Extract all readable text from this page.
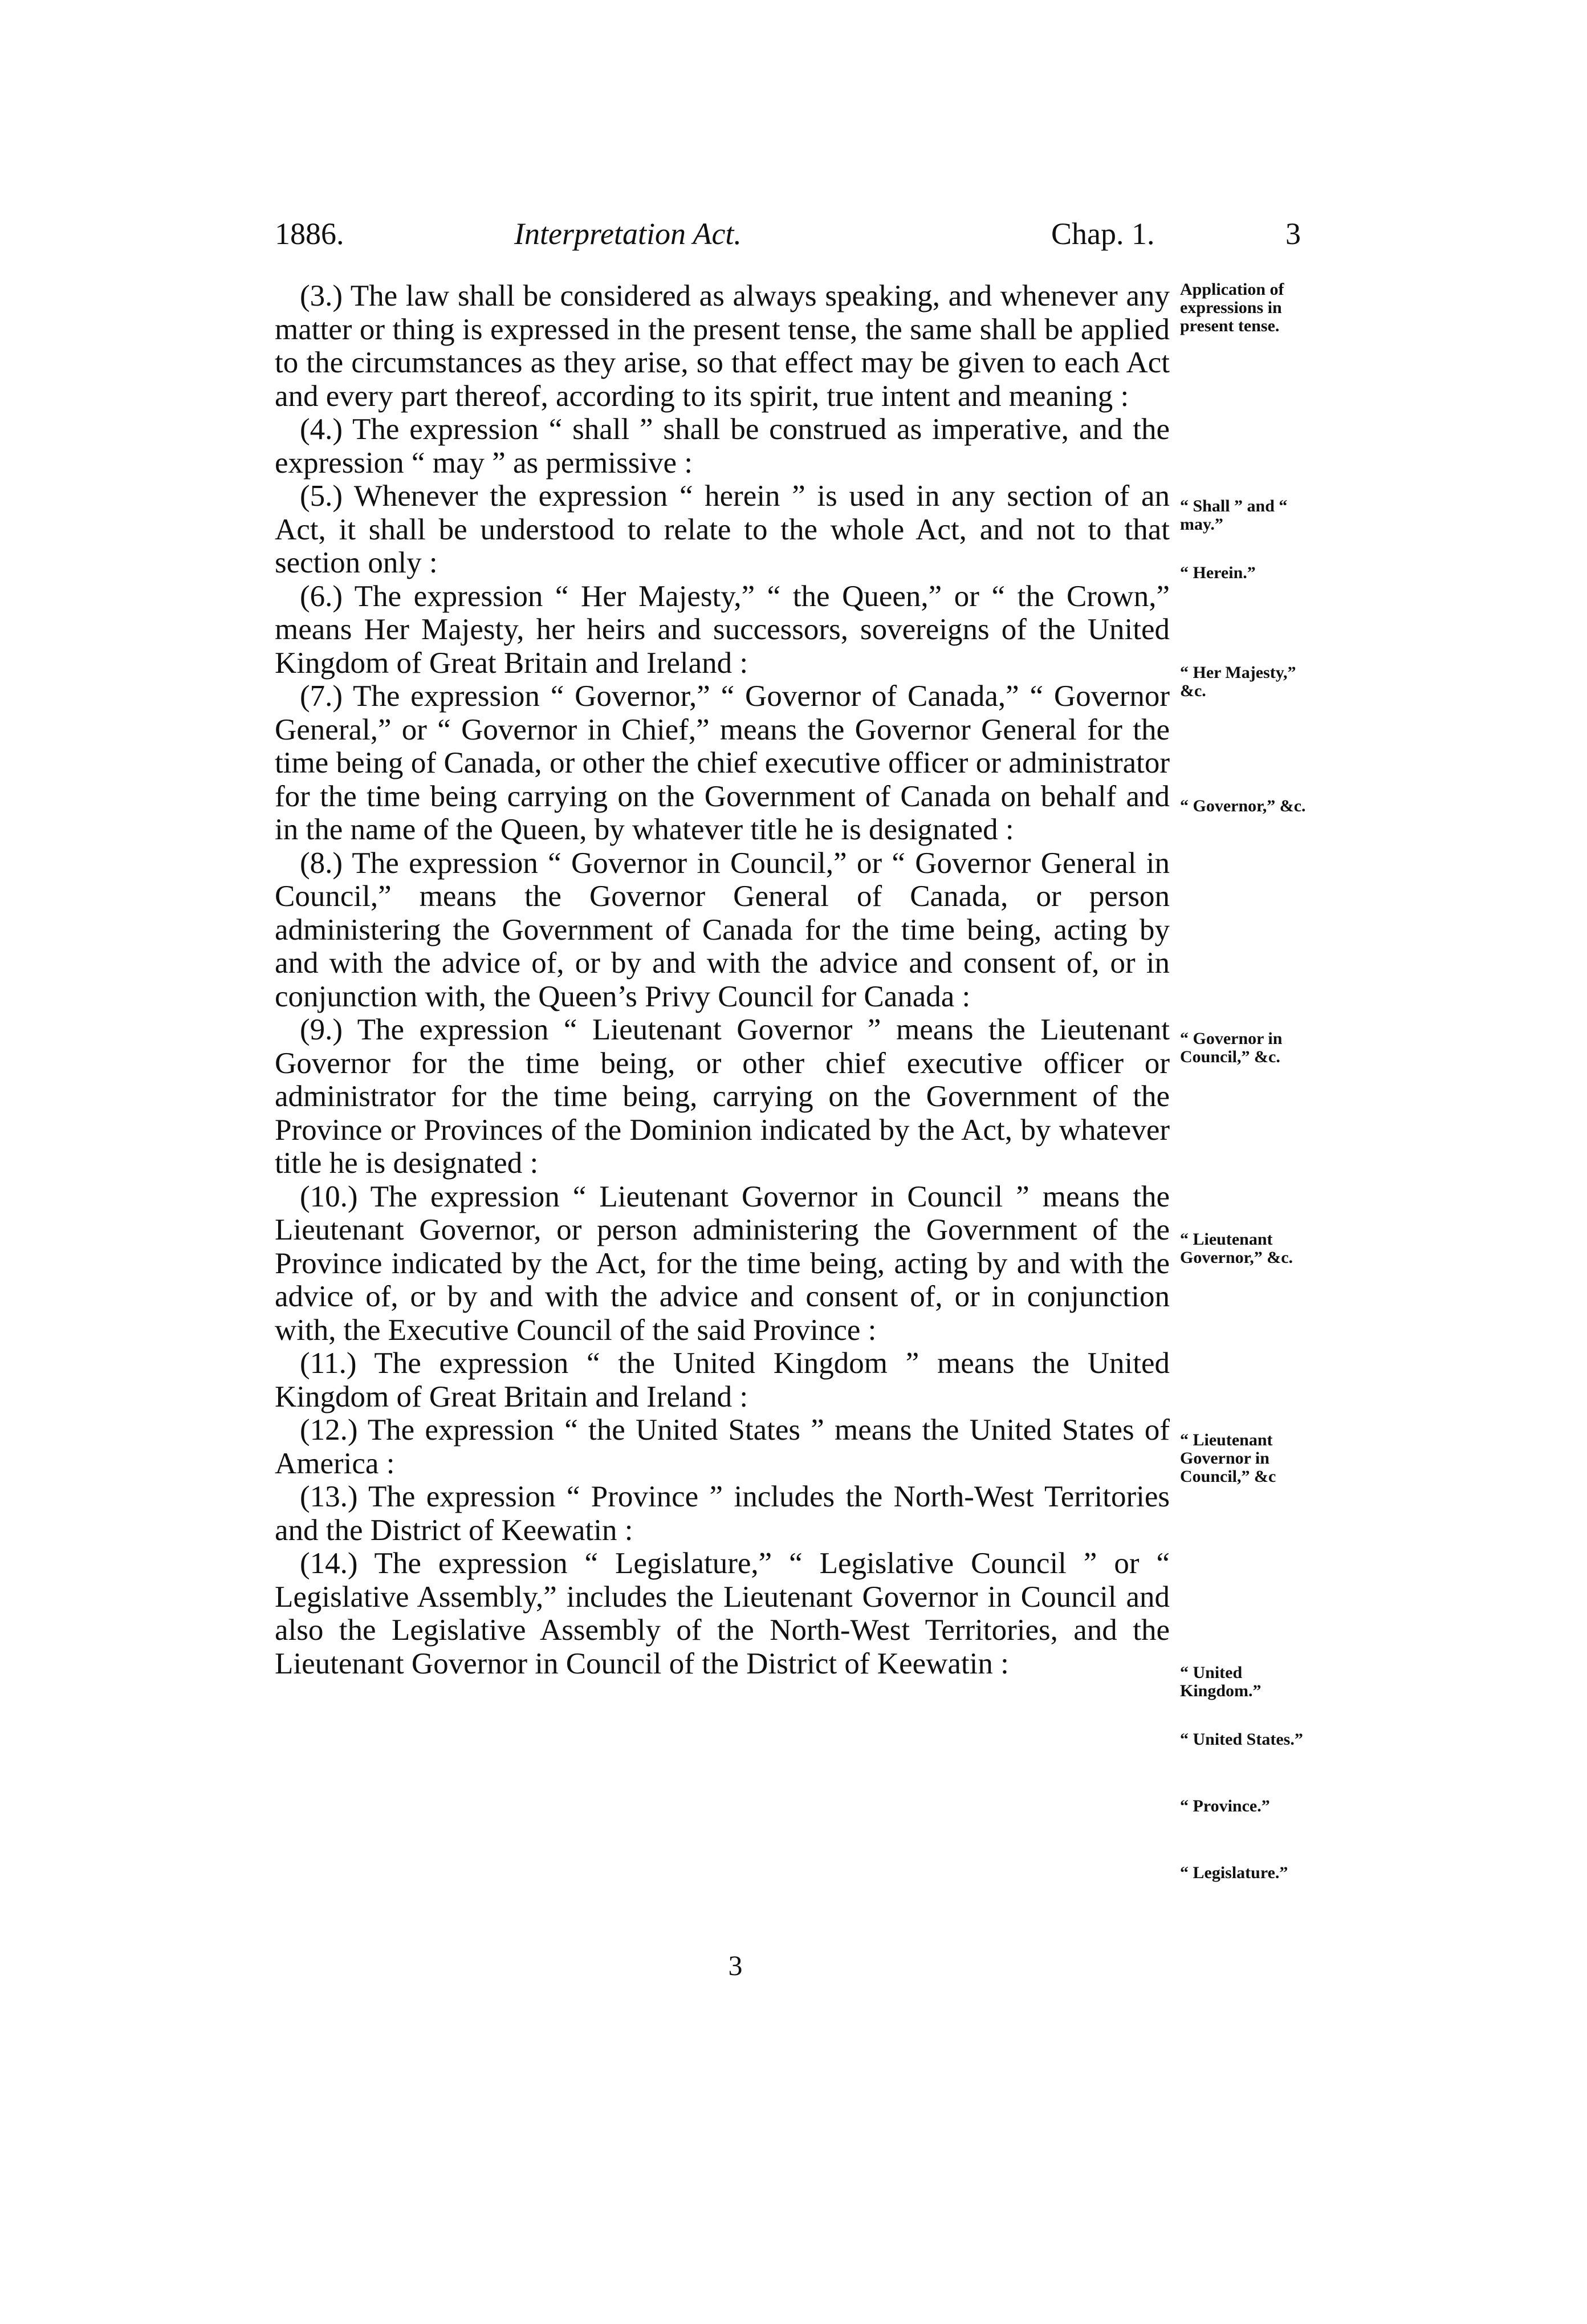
1886.	Interpretation Act.	Chap. 1.	3

(3.) The law shall be considered as always speaking, and whenever any matter or thing is expressed in the present tense, the same shall be applied to the circumstances as they arise, so that effect may be given to each Act and every part thereof, according to its spirit, true intent and meaning :

(4.) The expression “ shall ” shall be construed as imperative, and the expression “ may ” as permissive :

(5.) Whenever the expression “ herein ” is used in any section of an Act, it shall be understood to relate to the whole Act, and not to that section only :

(6.) The expression “ Her Majesty,” “ the Queen,” or “ the Crown,” means Her Majesty, her heirs and successors, sovereigns of the United Kingdom of Great Britain and Ireland :

(7.) The expression “ Governor,” “ Governor of Canada,” “ Governor General,” or “ Governor in Chief,” means the Governor General for the time being of Canada, or other the chief executive officer or administrator for the time being carrying on the Government of Canada on behalf and in the name of the Queen, by whatever title he is designated :

(8.) The expression “ Governor in Council,” or “ Governor General in Council,” means the Governor General of Canada, or person administering the Government of Canada for the time being, acting by and with the advice of, or by and with the advice and consent of, or in conjunction with, the Queen’s Privy Council for Canada :

(9.) The expression “ Lieutenant Governor ” means the Lieutenant Governor for the time being, or other chief executive officer or administrator for the time being, carrying on the Government of the Province or Provinces of the Dominion indicated by the Act, by whatever title he is designated :

(10.) The expression “ Lieutenant Governor in Council ” means the Lieutenant Governor, or person administering the Government of the Province indicated by the Act, for the time being, acting by and with the advice of, or by and with the advice and consent of, or in conjunction with, the Executive Council of the said Province :

(11.) The expression “ the United Kingdom ” means the United Kingdom of Great Britain and Ireland :

(12.) The expression “ the United States ” means the United States of America :

(13.) The expression “ Province ” includes the North-West Territories and the District of Keewatin :

(14.) The expression “ Legislature,” “ Legislative Council ” or “ Legislative Assembly,” includes the Lieutenant Governor in Council and also the Legislative Assembly of the North-West Territories, and the Lieutenant Governor in Council of the District of Keewatin :

Application of expressions in present tense.
“ Shall ” and “ may.”
“ Herein.”
“ Her Majesty,” &c.
“ Governor,” &c.
“ Governor in Council,” &c.
“ Lieutenant Governor,” &c.
“ Lieutenant Governor in Council,” &c
“ United Kingdom.”
“ United States.”
“ Province.”
“ Legislature.”
3
